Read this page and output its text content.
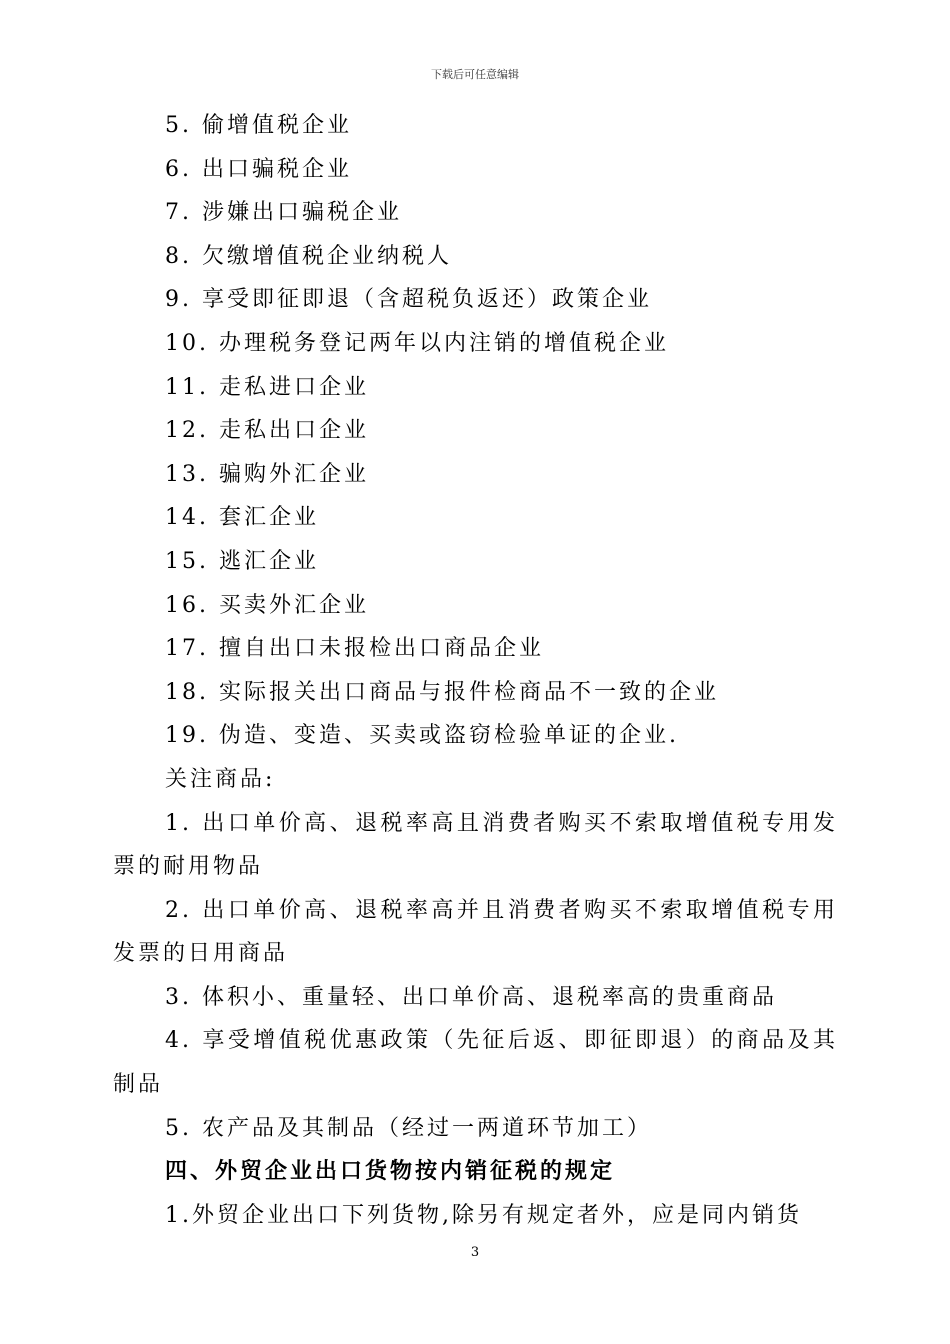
下载后可任意编辑
5. 偷增值税企业
6. 出口骗税企业
7. 涉嫌出口骗税企业
8. 欠缴增值税企业纳税人
9. 享受即征即退（含超税负返还）政策企业
10. 办理税务登记两年以内注销的增值税企业
11. 走私进口企业
12. 走私出口企业
13. 骗购外汇企业
14. 套汇企业
15. 逃汇企业
16. 买卖外汇企业
17. 擅自出口未报检出口商品企业
18. 实际报关出口商品与报件检商品不一致的企业
19. 伪造、变造、买卖或盗窃检验单证的企业.
关注商品:
1. 出口单价高、退税率高且消费者购买不索取增值税专用发票的耐用物品
2. 出口单价高、退税率高并且消费者购买不索取增值税专用发票的日用商品
3. 体积小、重量轻、出口单价高、退税率高的贵重商品
4. 享受增值税优惠政策（先征后返、即征即退）的商品及其制品
5. 农产品及其制品（经过一两道环节加工）
四、外贸企业出口货物按内销征税的规定
1.外贸企业出口下列货物,除另有规定者外，应是同内销货
3
